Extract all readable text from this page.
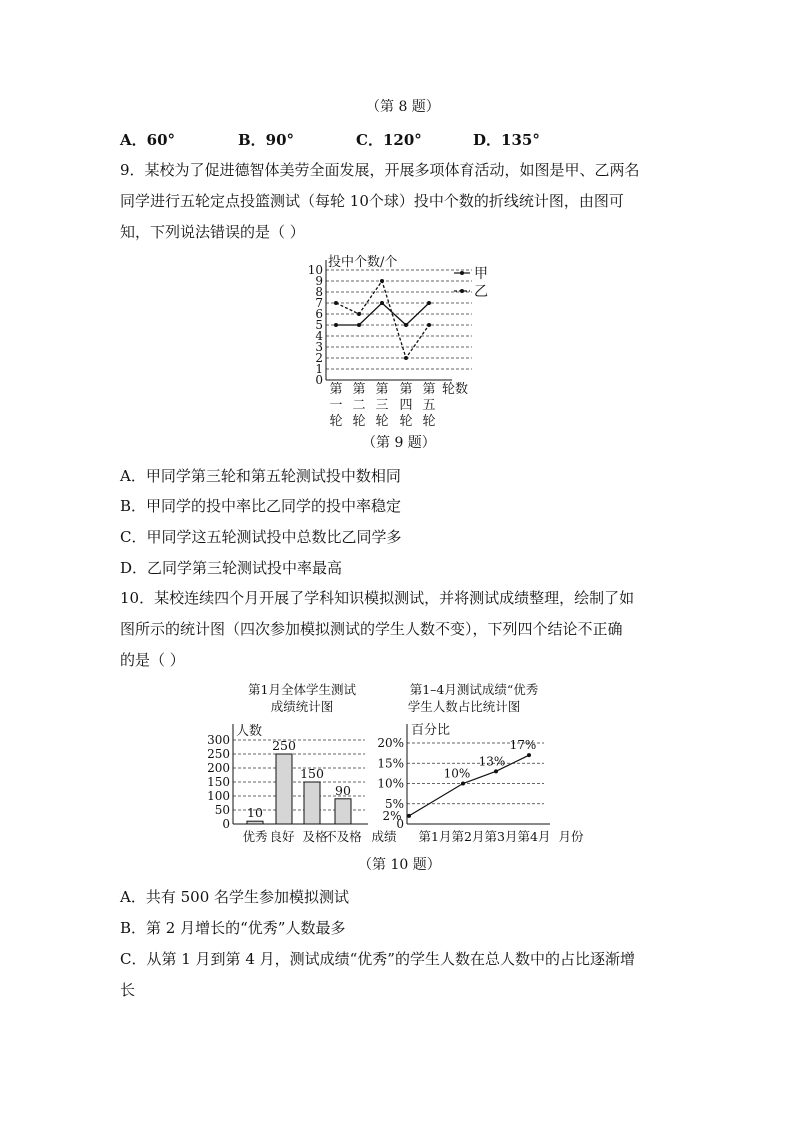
（第 8 题）
A．60°	B．90°	C．120°	D．135°
9．某校为了促进德智体美劳全面发展，开展多项体育活动，如图是甲、乙两名
同学进行五轮定点投篮测试（每轮 10个球）投中个数的折线统计图，由图可
知，下列说法错误的是（ ）
0
1
2
3
4
5
6
7
8
9
10 投中个数/个
轮数
第
一
轮
第
二
轮
第
三
轮
第
四
轮
第
五
轮
甲
乙
（第 9 题）
A．甲同学第三轮和第五轮测试投中数相同
B．甲同学的投中率比乙同学的投中率稳定
C．甲同学这五轮测试投中总数比乙同学多
D．乙同学第三轮测试投中率最高
10．某校连续四个月开展了学科知识模拟测试，并将测试成绩整理，绘制了如
图所示的统计图（四次参加模拟测试的学生人数不变），下列四个结论不正确
的是（ ）
第1月全体学生测试
成绩统计图
0
50
100
150
200
250
300
人数
10
250
150
90
优秀 良好 及格
不及格 成绩
第1–4月测试成绩“优秀
学生人数占比统计图
0
5%
10%
15%
20%
百分比
2%
10%
13%
17%
第1月 第2月 第3月 第4月 月份
（第 10 题）
A．共有 500 名学生参加模拟测试
B．第 2 月增长的“优秀”人数最多
C．从第 1 月到第 4 月，测试成绩“优秀”的学生人数在总人数中的占比逐渐增
长
